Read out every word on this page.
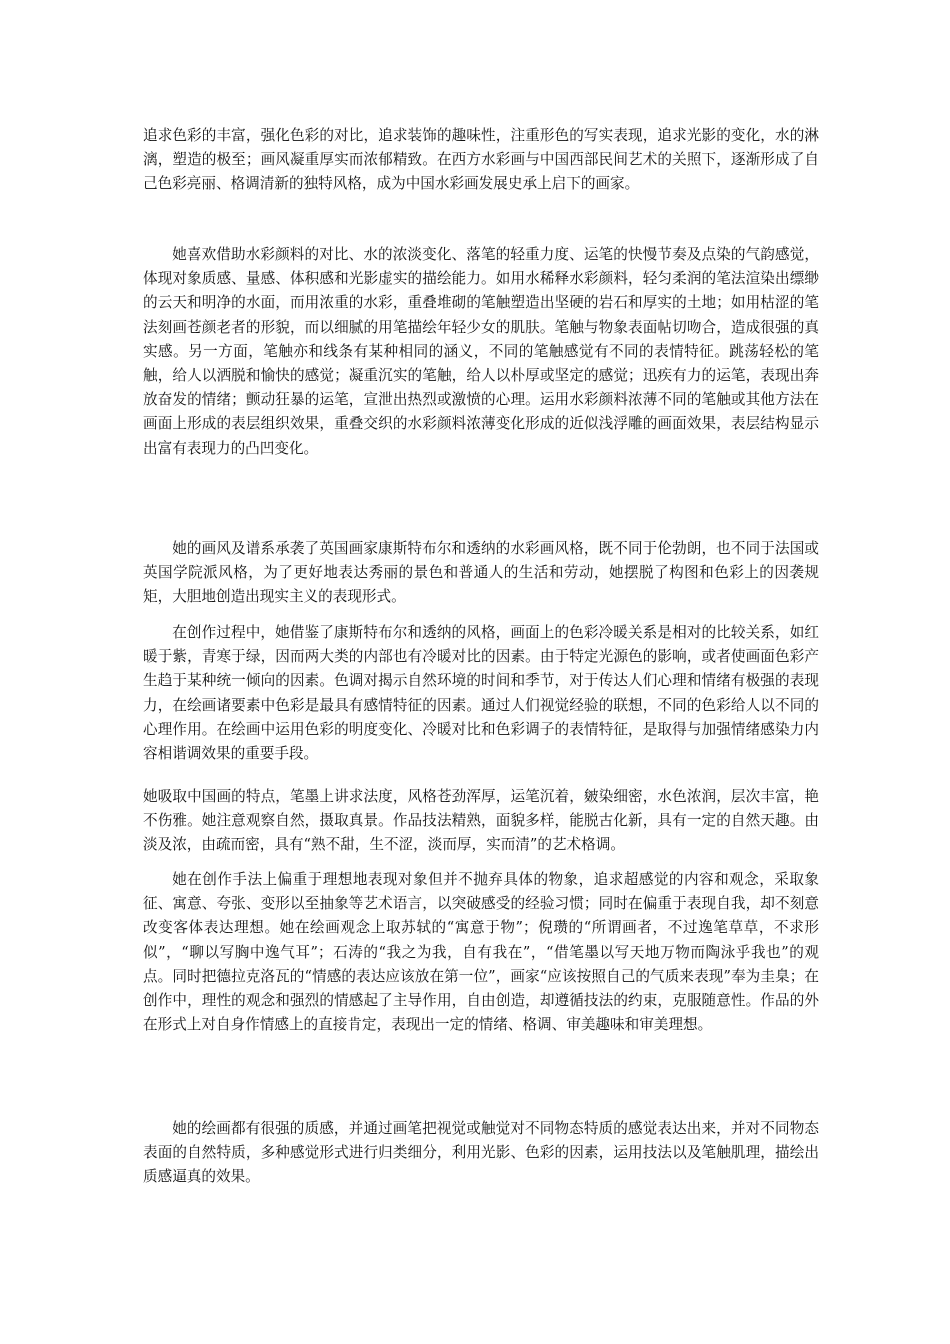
追求色彩的丰富，强化色彩的对比，追求装饰的趣味性，注重形色的写实表现，追求光影的变化，水的淋漓，塑造的极至；画风凝重厚实而浓郁精致。在西方水彩画与中国西部民间艺术的关照下，逐渐形成了自己色彩亮丽、格调清新的独特风格，成为中国水彩画发展史承上启下的画家。

她喜欢借助水彩颜料的对比、水的浓淡变化、落笔的轻重力度、运笔的快慢节奏及点染的气韵感觉，体现对象质感、量感、体积感和光影虚实的描绘能力。如用水稀释水彩颜料，轻匀柔润的笔法渲染出缥缈的云天和明净的水面，而用浓重的水彩，重叠堆砌的笔触塑造出坚硬的岩石和厚实的土地；如用枯涩的笔法刻画苍颜老者的形貌，而以细腻的用笔描绘年轻少女的肌肤。笔触与物象表面帖切吻合，造成很强的真实感。另一方面，笔触亦和线条有某种相同的涵义，不同的笔触感觉有不同的表情特征。跳荡轻松的笔触，给人以洒脱和愉快的感觉；凝重沉实的笔触，给人以朴厚或坚定的感觉；迅疾有力的运笔，表现出奔放奋发的情绪；颤动狂暴的运笔，宣泄出热烈或激愤的心理。运用水彩颜料浓薄不同的笔触或其他方法在画面上形成的表层组织效果，重叠交织的水彩颜料浓薄变化形成的近似浅浮雕的画面效果，表层结构显示出富有表现力的凸凹变化。

她的画风及谱系承袭了英国画家康斯特布尔和透纳的水彩画风格，既不同于伦勃朗，也不同于法国或英国学院派风格，为了更好地表达秀丽的景色和普通人的生活和劳动，她摆脱了构图和色彩上的因袭规矩，大胆地创造出现实主义的表现形式。

在创作过程中，她借鉴了康斯特布尔和透纳的风格，画面上的色彩冷暖关系是相对的比较关系，如红暖于紫，青寒于绿，因而两大类的内部也有冷暖对比的因素。由于特定光源色的影响，或者使画面色彩产生趋于某种统一倾向的因素。色调对揭示自然环境的时间和季节，对于传达人们心理和情绪有极强的表现力，在绘画诸要素中色彩是最具有感情特征的因素。通过人们视觉经验的联想，不同的色彩给人以不同的心理作用。在绘画中运用色彩的明度变化、冷暖对比和色彩调子的表情特征，是取得与加强情绪感染力内容相谐调效果的重要手段。

她吸取中国画的特点，笔墨上讲求法度，风格苍劲浑厚，运笔沉着，皴染细密，水色浓润，层次丰富，艳不伤雅。她注意观察自然，摄取真景。作品技法精熟，面貌多样，能脱古化新，具有一定的自然天趣。由淡及浓，由疏而密，具有“熟不甜，生不涩，淡而厚，实而清”的艺术格调。

她在创作手法上偏重于理想地表现对象但并不抛弃具体的物象，追求超感觉的内容和观念，采取象征、寓意、夸张、变形以至抽象等艺术语言，以突破感受的经验习惯；同时在偏重于表现自我，却不刻意改变客体表达理想。她在绘画观念上取苏轼的“寓意于物”；倪瓒的“所谓画者，不过逸笔草草，不求形似”，“聊以写胸中逸气耳”；石涛的“我之为我，自有我在”，“借笔墨以写天地万物而陶泳乎我也”的观点。同时把德拉克洛瓦的“情感的表达应该放在第一位”，画家“应该按照自己的气质来表现”奉为圭臬；在创作中，理性的观念和强烈的情感起了主导作用，自由创造，却遵循技法的约束，克服随意性。作品的外在形式上对自身作情感上的直接肯定，表现出一定的情绪、格调、审美趣味和审美理想。

她的绘画都有很强的质感，并通过画笔把视觉或触觉对不同物态特质的感觉表达出来，并对不同物态表面的自然特质，多种感觉形式进行归类细分，利用光影、色彩的因素，运用技法以及笔触肌理，描绘出质感逼真的效果。
